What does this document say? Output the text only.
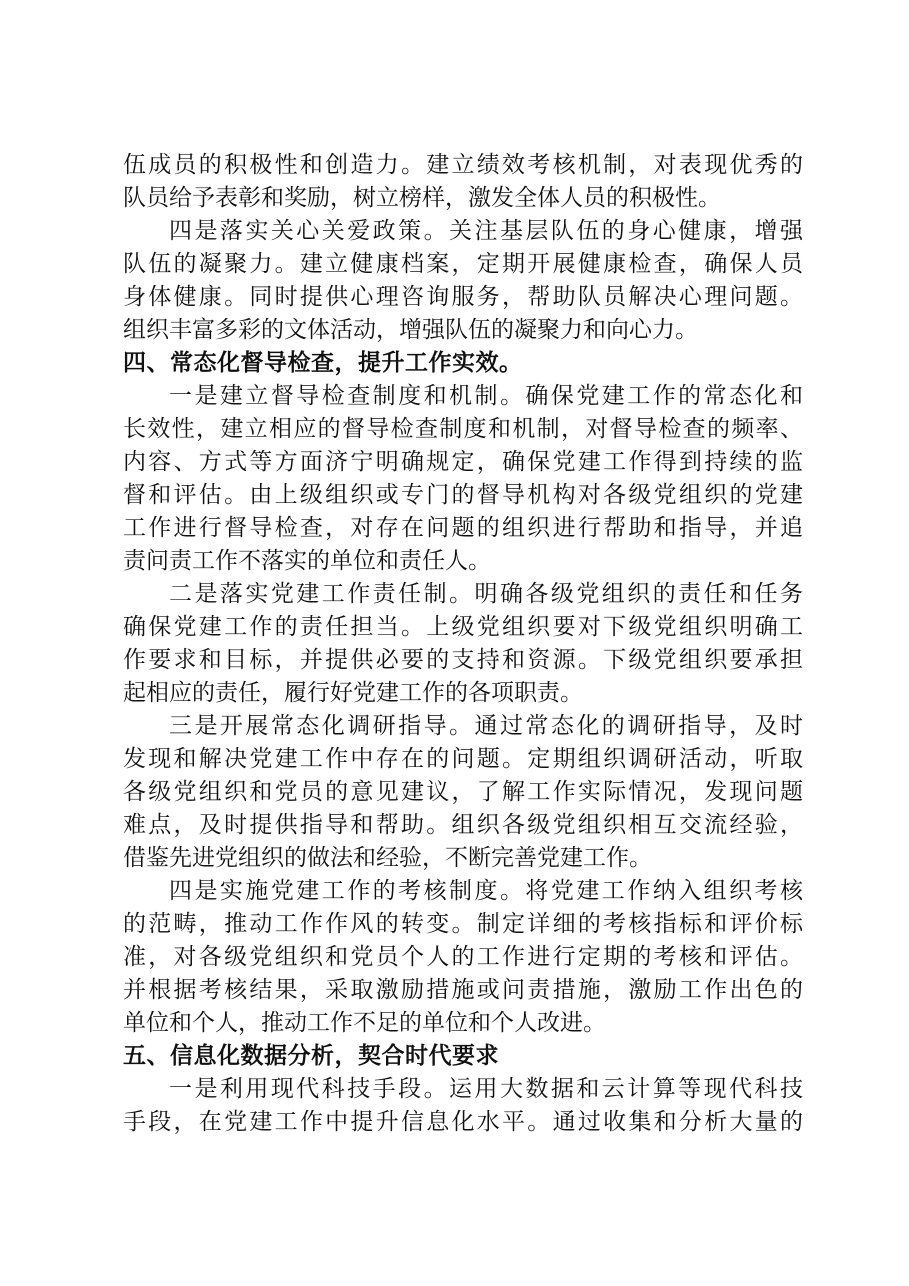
伍成员的积极性和创造力。建立绩效考核机制，对表现优秀的
队员给予表彰和奖励，树立榜样，激发全体人员的积极性。
四是落实关心关爱政策。关注基层队伍的身心健康，增强
队伍的凝聚力。建立健康档案，定期开展健康检查，确保人员
身体健康。同时提供心理咨询服务，帮助队员解决心理问题。
组织丰富多彩的文体活动，增强队伍的凝聚力和向心力。
四、常态化督导检查，提升工作实效。
一是建立督导检查制度和机制。确保党建工作的常态化和
长效性，建立相应的督导检查制度和机制，对督导检查的频率、
内容、方式等方面济宁明确规定，确保党建工作得到持续的监
督和评估。由上级组织或专门的督导机构对各级党组织的党建
工作进行督导检查，对存在问题的组织进行帮助和指导，并追
责问责工作不落实的单位和责任人。
二是落实党建工作责任制。明确各级党组织的责任和任务
确保党建工作的责任担当。上级党组织要对下级党组织明确工
作要求和目标，并提供必要的支持和资源。下级党组织要承担
起相应的责任，履行好党建工作的各项职责。
三是开展常态化调研指导。通过常态化的调研指导，及时
发现和解决党建工作中存在的问题。定期组织调研活动，听取
各级党组织和党员的意见建议，了解工作实际情况，发现问题
难点，及时提供指导和帮助。组织各级党组织相互交流经验，
借鉴先进党组织的做法和经验，不断完善党建工作。
四是实施党建工作的考核制度。将党建工作纳入组织考核
的范畴，推动工作作风的转变。制定详细的考核指标和评价标
准，对各级党组织和党员个人的工作进行定期的考核和评估。
并根据考核结果，采取激励措施或问责措施，激励工作出色的
单位和个人，推动工作不足的单位和个人改进。
五、信息化数据分析，契合时代要求
一是利用现代科技手段。运用大数据和云计算等现代科技
手段，在党建工作中提升信息化水平。通过收集和分析大量的
